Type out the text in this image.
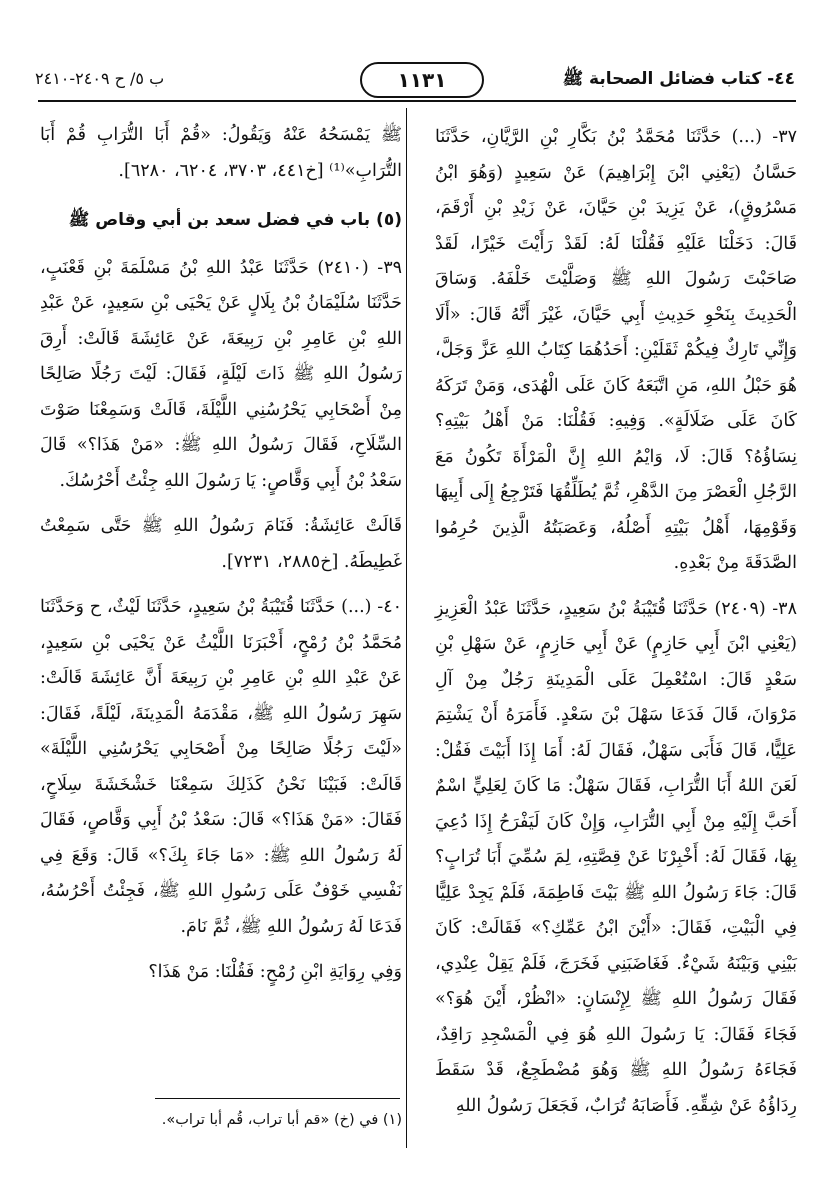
٤٤- كتاب فضائل الصحابة ﷺ
١١٣١
ب ٥/ ح ٢٤٠٩-٢٤١٠

٣٧- (...) حَدَّثَنَا مُحَمَّدُ بْنُ بَكَّارِ بْنِ الرَّيَّانِ، حَدَّثَنَا حَسَّانُ (يَعْنِي ابْنَ إِبْرَاهِيمَ) عَنْ سَعِيدٍ (وَهُوَ ابْنُ مَسْرُوقٍ)، عَنْ يَزِيدَ بْنِ حَيَّانَ، عَنْ زَيْدِ بْنِ أَرْقَمَ، قَالَ: دَخَلْنَا عَلَيْهِ فَقُلْنَا لَهُ: لَقَدْ رَأَيْتَ خَيْرًا، لَقَدْ صَاحَبْتَ رَسُولَ اللهِ ﷺ وَصَلَّيْتَ خَلْفَهُ. وَسَاقَ الْحَدِيثَ بِنَحْوِ حَدِيثِ أَبِي حَيَّانَ، غَيْرَ أَنَّهُ قَالَ: «أَلَا وَإِنِّي تَارِكٌ فِيكُمْ ثَقَلَيْنِ: أَحَدُهُمَا كِتَابُ اللهِ عَزَّ وَجَلَّ، هُوَ حَبْلُ اللهِ، مَنِ اتَّبَعَهُ كَانَ عَلَى الْهُدَى، وَمَنْ تَرَكَهُ كَانَ عَلَى ضَلَالَةٍ». وَفِيهِ: فَقُلْنَا: مَنْ أَهْلُ بَيْتِهِ؟ نِسَاؤُهُ؟ قَالَ: لَا، وَايْمُ اللهِ إِنَّ الْمَرْأَةَ تَكُونُ مَعَ الرَّجُلِ الْعَصْرَ مِنَ الدَّهْرِ، ثُمَّ يُطَلِّقُهَا فَتَرْجِعُ إِلَى أَبِيهَا وَقَوْمِهَا، أَهْلُ بَيْتِهِ أَصْلُهُ، وَعَصَبَتُهُ الَّذِينَ حُرِمُوا الصَّدَقَةَ مِنْ بَعْدِهِ.

٣٨- (٢٤٠٩) حَدَّثَنَا قُتَيْبَةُ بْنُ سَعِيدٍ، حَدَّثَنَا عَبْدُ الْعَزِيزِ (يَعْنِي ابْنَ أَبِي حَازِمٍ) عَنْ أَبِي حَازِمٍ، عَنْ سَهْلِ بْنِ سَعْدٍ قَالَ: اسْتُعْمِلَ عَلَى الْمَدِينَةِ رَجُلٌ مِنْ آلِ مَرْوَانَ، قَالَ فَدَعَا سَهْلَ بْنَ سَعْدٍ. فَأَمَرَهُ أَنْ يَشْتِمَ عَلِيًّا، قَالَ فَأَبَى سَهْلٌ، فَقَالَ لَهُ: أَمَا إِذَا أَبَيْتَ فَقُلْ: لَعَنَ اللهُ أَبَا التُّرَابِ، فَقَالَ سَهْلٌ: مَا كَانَ لِعَلِيٍّ اسْمٌ أَحَبَّ إِلَيْهِ مِنْ أَبِي التُّرَابِ، وَإِنْ كَانَ لَيَفْرَحُ إِذَا دُعِيَ بِهَا، فَقَالَ لَهُ: أَخْبِرْنَا عَنْ قِصَّتِهِ، لِمَ سُمِّيَ أَبَا تُرَابٍ؟ قَالَ: جَاءَ رَسُولُ اللهِ ﷺ بَيْتَ فَاطِمَةَ، فَلَمْ يَجِدْ عَلِيًّا فِي الْبَيْتِ، فَقَالَ: «أَيْنَ ابْنُ عَمِّكِ؟» فَقَالَتْ: كَانَ بَيْنِي وَبَيْنَهُ شَيْءٌ. فَغَاضَبَنِي فَخَرَجَ، فَلَمْ يَقِلْ عِنْدِي، فَقَالَ رَسُولُ اللهِ ﷺ لِإِنْسَانٍ: «انْظُرْ، أَيْنَ هُوَ؟» فَجَاءَ فَقَالَ: يَا رَسُولَ اللهِ هُوَ فِي الْمَسْجِدِ رَاقِدٌ، فَجَاءَهُ رَسُولُ اللهِ ﷺ وَهُوَ مُضْطَجِعٌ، قَدْ سَقَطَ رِدَاؤُهُ عَنْ شِقِّهِ. فَأَصَابَهُ تُرَابٌ، فَجَعَلَ رَسُولُ اللهِ

ﷺ يَمْسَحُهُ عَنْهُ وَيَقُولُ: «قُمْ أَبَا التُّرَابِ قُمْ أَبَا التُّرَابِ»⁽¹⁾ [خ٤٤١، ٣٧٠٣، ٦٢٠٤، ٦٢٨٠].

(٥) باب في فضل سعد بن أبي وقاص ﷺ

٣٩- (٢٤١٠) حَدَّثَنَا عَبْدُ اللهِ بْنُ مَسْلَمَةَ بْنِ قَعْنَبٍ، حَدَّثَنَا سُلَيْمَانُ بْنُ بِلَالٍ عَنْ يَحْيَى بْنِ سَعِيدٍ، عَنْ عَبْدِ اللهِ بْنِ عَامِرِ بْنِ رَبِيعَةَ، عَنْ عَائِشَةَ قَالَتْ: أَرِقَ رَسُولُ اللهِ ﷺ ذَاتَ لَيْلَةٍ، فَقَالَ: لَيْتَ رَجُلًا صَالِحًا مِنْ أَصْحَابِي يَحْرُسُنِي اللَّيْلَةَ، قَالَتْ وَسَمِعْنَا صَوْتَ السِّلَاحِ، فَقَالَ رَسُولُ اللهِ ﷺ: «مَنْ هَذَا؟» قَالَ سَعْدُ بْنُ أَبِي وَقَّاصٍ: يَا رَسُولَ اللهِ جِئْتُ أَحْرُسُكَ.

قَالَتْ عَائِشَةُ: فَنَامَ رَسُولُ اللهِ ﷺ حَتَّى سَمِعْتُ غَطِيطَهُ. [خ٢٨٨٥، ٧٢٣١].

٤٠- (...) حَدَّثَنَا قُتَيْبَةُ بْنُ سَعِيدٍ، حَدَّثَنَا لَيْثٌ، ح وَحَدَّثَنَا مُحَمَّدُ بْنُ رُمْحٍ، أَخْبَرَنَا اللَّيْثُ عَنْ يَحْيَى بْنِ سَعِيدٍ، عَنْ عَبْدِ اللهِ بْنِ عَامِرِ بْنِ رَبِيعَةَ أَنَّ عَائِشَةَ قَالَتْ: سَهِرَ رَسُولُ اللهِ ﷺ، مَقْدَمَهُ الْمَدِينَةَ، لَيْلَةً، فَقَالَ: «لَيْتَ رَجُلًا صَالِحًا مِنْ أَصْحَابِي يَحْرُسُنِي اللَّيْلَةَ» قَالَتْ: فَبَيْنَا نَحْنُ كَذَلِكَ سَمِعْنَا خَشْخَشَةَ سِلَاحٍ، فَقَالَ: «مَنْ هَذَا؟» قَالَ: سَعْدُ بْنُ أَبِي وَقَّاصٍ، فَقَالَ لَهُ رَسُولُ اللهِ ﷺ: «مَا جَاءَ بِكَ؟» قَالَ: وَقَعَ فِي نَفْسِي خَوْفٌ عَلَى رَسُولِ اللهِ ﷺ، فَجِئْتُ أَحْرُسُهُ، فَدَعَا لَهُ رَسُولُ اللهِ ﷺ، ثُمَّ نَامَ.

وَفِي رِوَايَةِ ابْنِ رُمْحٍ: فَقُلْنَا: مَنْ هَذَا؟

(١) في (خ) «قم أبا تراب، قُم أبا تراب».
